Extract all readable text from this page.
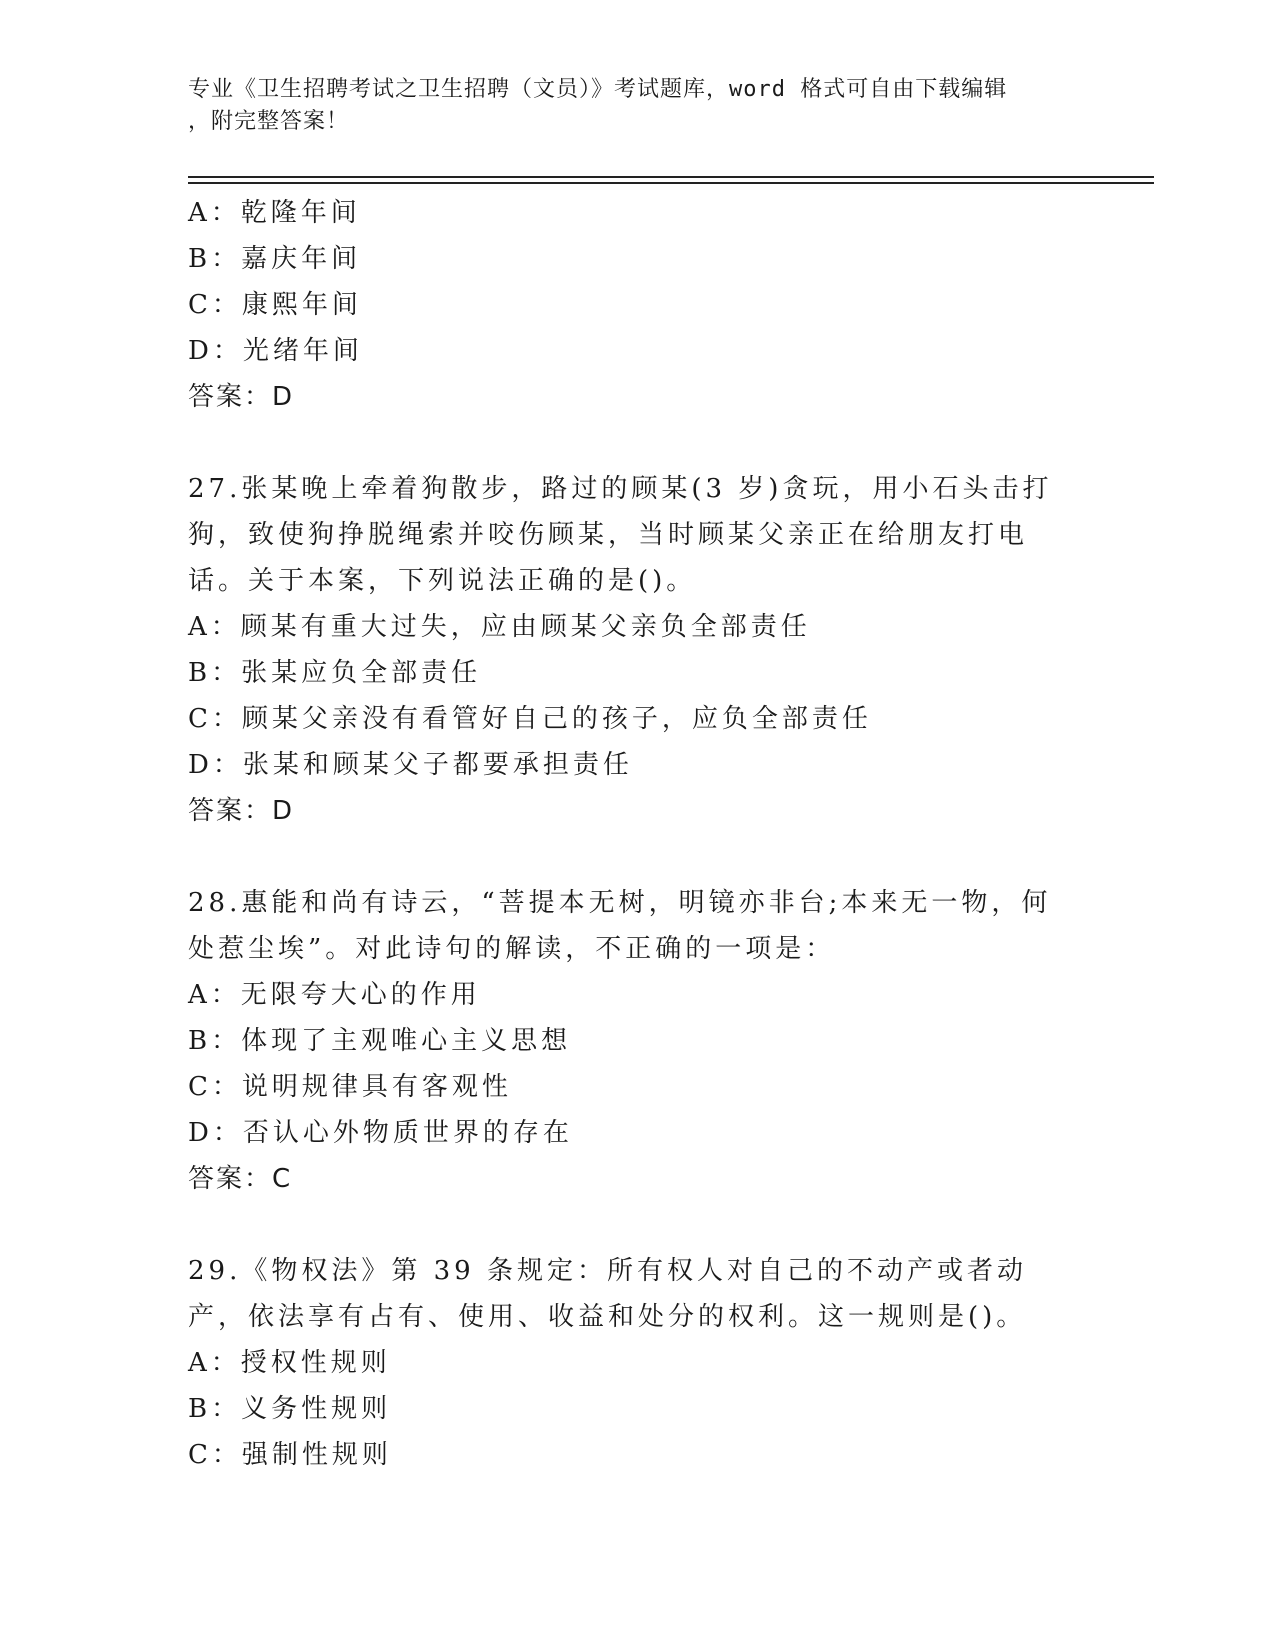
专业《卫生招聘考试之卫生招聘（文员）》考试题库，word 格式可自由下载编辑
，附完整答案！
A：乾隆年间
B：嘉庆年间
C：康熙年间
D：光绪年间
答案：D
27.张某晚上牵着狗散步，路过的顾某(3 岁)贪玩，用小石头击打狗，致使狗挣脱绳索并咬伤顾某，当时顾某父亲正在给朋友打电话。关于本案，下列说法正确的是()。
A：顾某有重大过失，应由顾某父亲负全部责任
B：张某应负全部责任
C：顾某父亲没有看管好自己的孩子，应负全部责任
D：张某和顾某父子都要承担责任
答案：D
28.惠能和尚有诗云，“菩提本无树，明镜亦非台;本来无一物，何处惹尘埃”。对此诗句的解读，不正确的一项是：
A：无限夸大心的作用
B：体现了主观唯心主义思想
C：说明规律具有客观性
D：否认心外物质世界的存在
答案：C
29.《物权法》第 39 条规定：所有权人对自己的不动产或者动产，依法享有占有、使用、收益和处分的权利。这一规则是()。
A：授权性规则
B：义务性规则
C：强制性规则
